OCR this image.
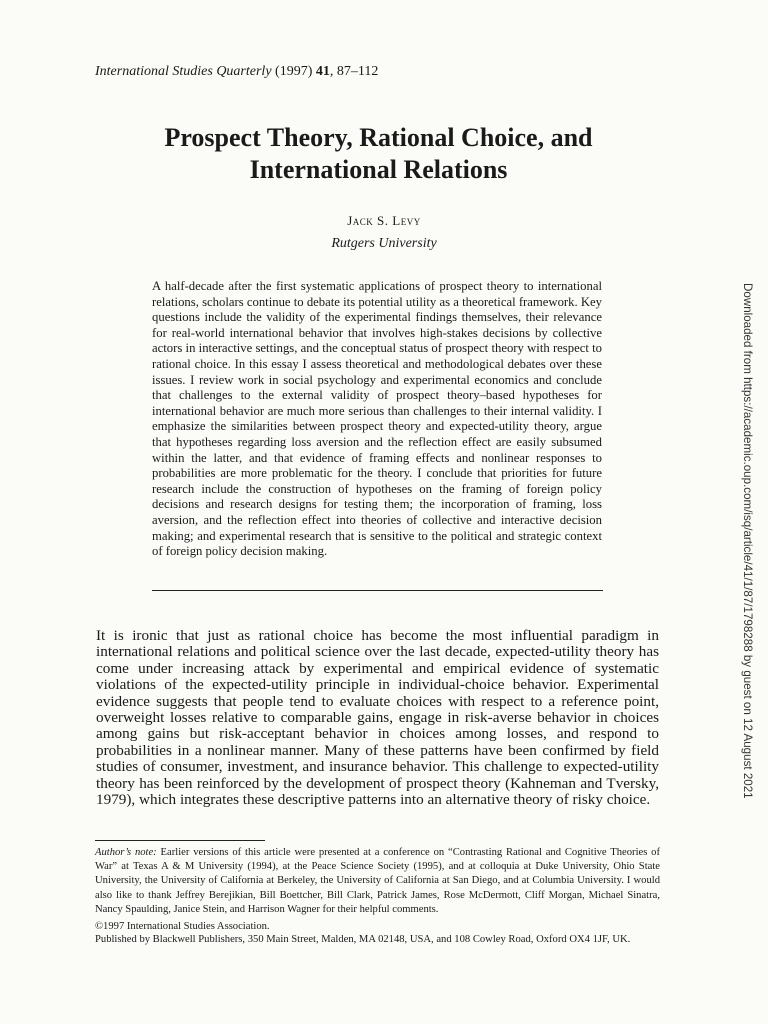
International Studies Quarterly (1997) 41, 87–112
Prospect Theory, Rational Choice, and
International Relations
Jack S. Levy
Rutgers University

A half-decade after the first systematic applications of prospect theory to international relations, scholars continue to debate its potential utility as a theoretical framework. Key questions include the validity of the experimental findings themselves, their relevance for real-world international behavior that involves high-stakes decisions by collective actors in interactive settings, and the conceptual status of prospect theory with respect to rational choice. In this essay I assess theoretical and methodological debates over these issues. I review work in social psychology and experimental economics and conclude that challenges to the external validity of prospect theory–based hypotheses for international behavior are much more serious than challenges to their internal validity. I emphasize the similarities between prospect theory and expected-utility theory, argue that hypotheses regarding loss aversion and the reflection effect are easily subsumed within the latter, and that evidence of framing effects and nonlinear responses to probabilities are more problematic for the theory. I conclude that priorities for future research include the construction of hypotheses on the framing of foreign policy decisions and research designs for testing them; the incorporation of framing, loss aversion, and the reflection effect into theories of collective and interactive decision making; and experimental research that is sensitive to the political and strategic context of foreign policy decision making.

It is ironic that just as rational choice has become the most influential paradigm in international relations and political science over the last decade, expected-utility theory has come under increasing attack by experimental and empirical evidence of systematic violations of the expected-utility principle in individual-choice behavior. Experimental evidence suggests that people tend to evaluate choices with respect to a reference point, overweight losses relative to comparable gains, engage in risk-averse behavior in choices among gains but risk-acceptant behavior in choices among losses, and respond to probabilities in a nonlinear manner. Many of these patterns have been confirmed by field studies of consumer, investment, and insurance behavior. This challenge to expected-utility theory has been reinforced by the development of prospect theory (Kahneman and Tversky, 1979), which integrates these descriptive patterns into an alternative theory of risky choice.

Author’s note: Earlier versions of this article were presented at a conference on “Contrasting Rational and Cognitive Theories of War” at Texas A & M University (1994), at the Peace Science Society (1995), and at colloquia at Duke University, Ohio State University, the University of California at Berkeley, the University of California at San Diego, and at Columbia University. I would also like to thank Jeffrey Berejikian, Bill Boettcher, Bill Clark, Patrick James, Rose McDermott, Cliff Morgan, Michael Sinatra, Nancy Spaulding, Janice Stein, and Harrison Wagner for their helpful comments.

©1997 International Studies Association.
Published by Blackwell Publishers, 350 Main Street, Malden, MA 02148, USA, and 108 Cowley Road, Oxford OX4 1JF, UK.
Downloaded from https://academic.oup.com/isq/article/41/1/87/1798288 by guest on 12 August 2021
